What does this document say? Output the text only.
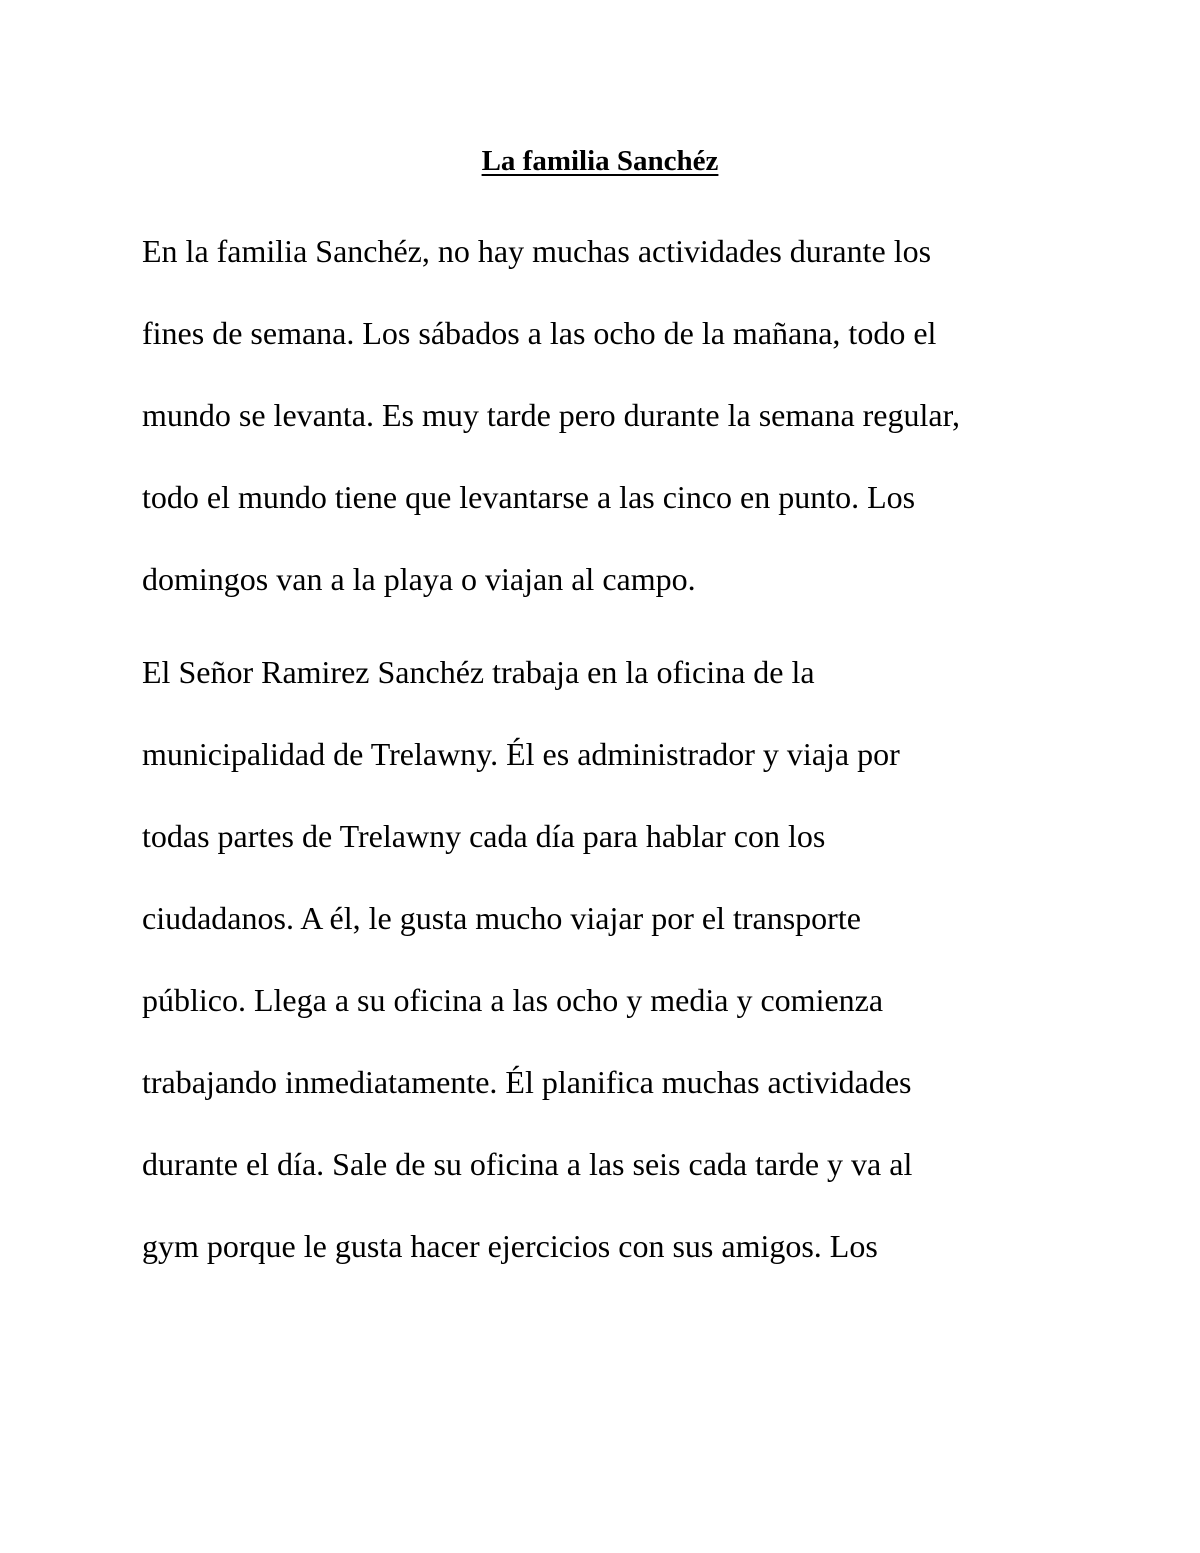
La familia Sanchéz
En la familia Sanchéz, no hay muchas actividades durante los
fines de semana. Los sábados a las ocho de la mañana, todo el
mundo se levanta. Es muy tarde pero durante la semana regular,
todo el mundo tiene que levantarse a las cinco en punto. Los
domingos van a la playa o viajan al campo.
El Señor Ramirez Sanchéz trabaja en la oficina de la
municipalidad de Trelawny. Él es administrador y viaja por
todas partes de Trelawny cada día para hablar con los
ciudadanos. A él, le gusta mucho viajar por el transporte
público. Llega a su oficina a las ocho y media y comienza
trabajando inmediatamente. Él planifica muchas actividades
durante el día. Sale de su oficina a las seis cada tarde y va al
gym porque le gusta hacer ejercicios con sus amigos. Los
